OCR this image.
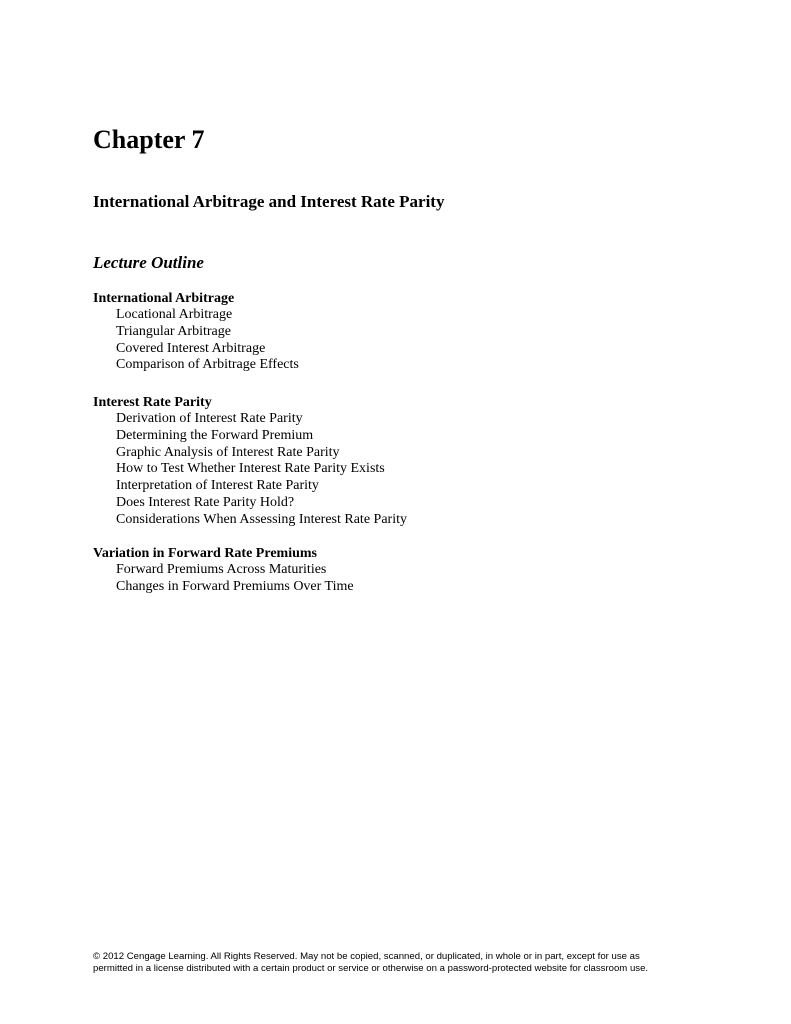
Chapter 7
International Arbitrage and Interest Rate Parity
Lecture Outline
International Arbitrage
Locational Arbitrage
Triangular Arbitrage
Covered Interest Arbitrage
Comparison of Arbitrage Effects
Interest Rate Parity
Derivation of Interest Rate Parity
Determining the Forward Premium
Graphic Analysis of Interest Rate Parity
How to Test Whether Interest Rate Parity Exists
Interpretation of Interest Rate Parity
Does Interest Rate Parity Hold?
Considerations When Assessing Interest Rate Parity
Variation in Forward Rate Premiums
Forward Premiums Across Maturities
Changes in Forward Premiums Over Time

© 2012 Cengage Learning. All Rights Reserved. May not be copied, scanned, or duplicated, in whole or in part, except for use as
permitted in a license distributed with a certain product or service or otherwise on a password-protected website for classroom use.
